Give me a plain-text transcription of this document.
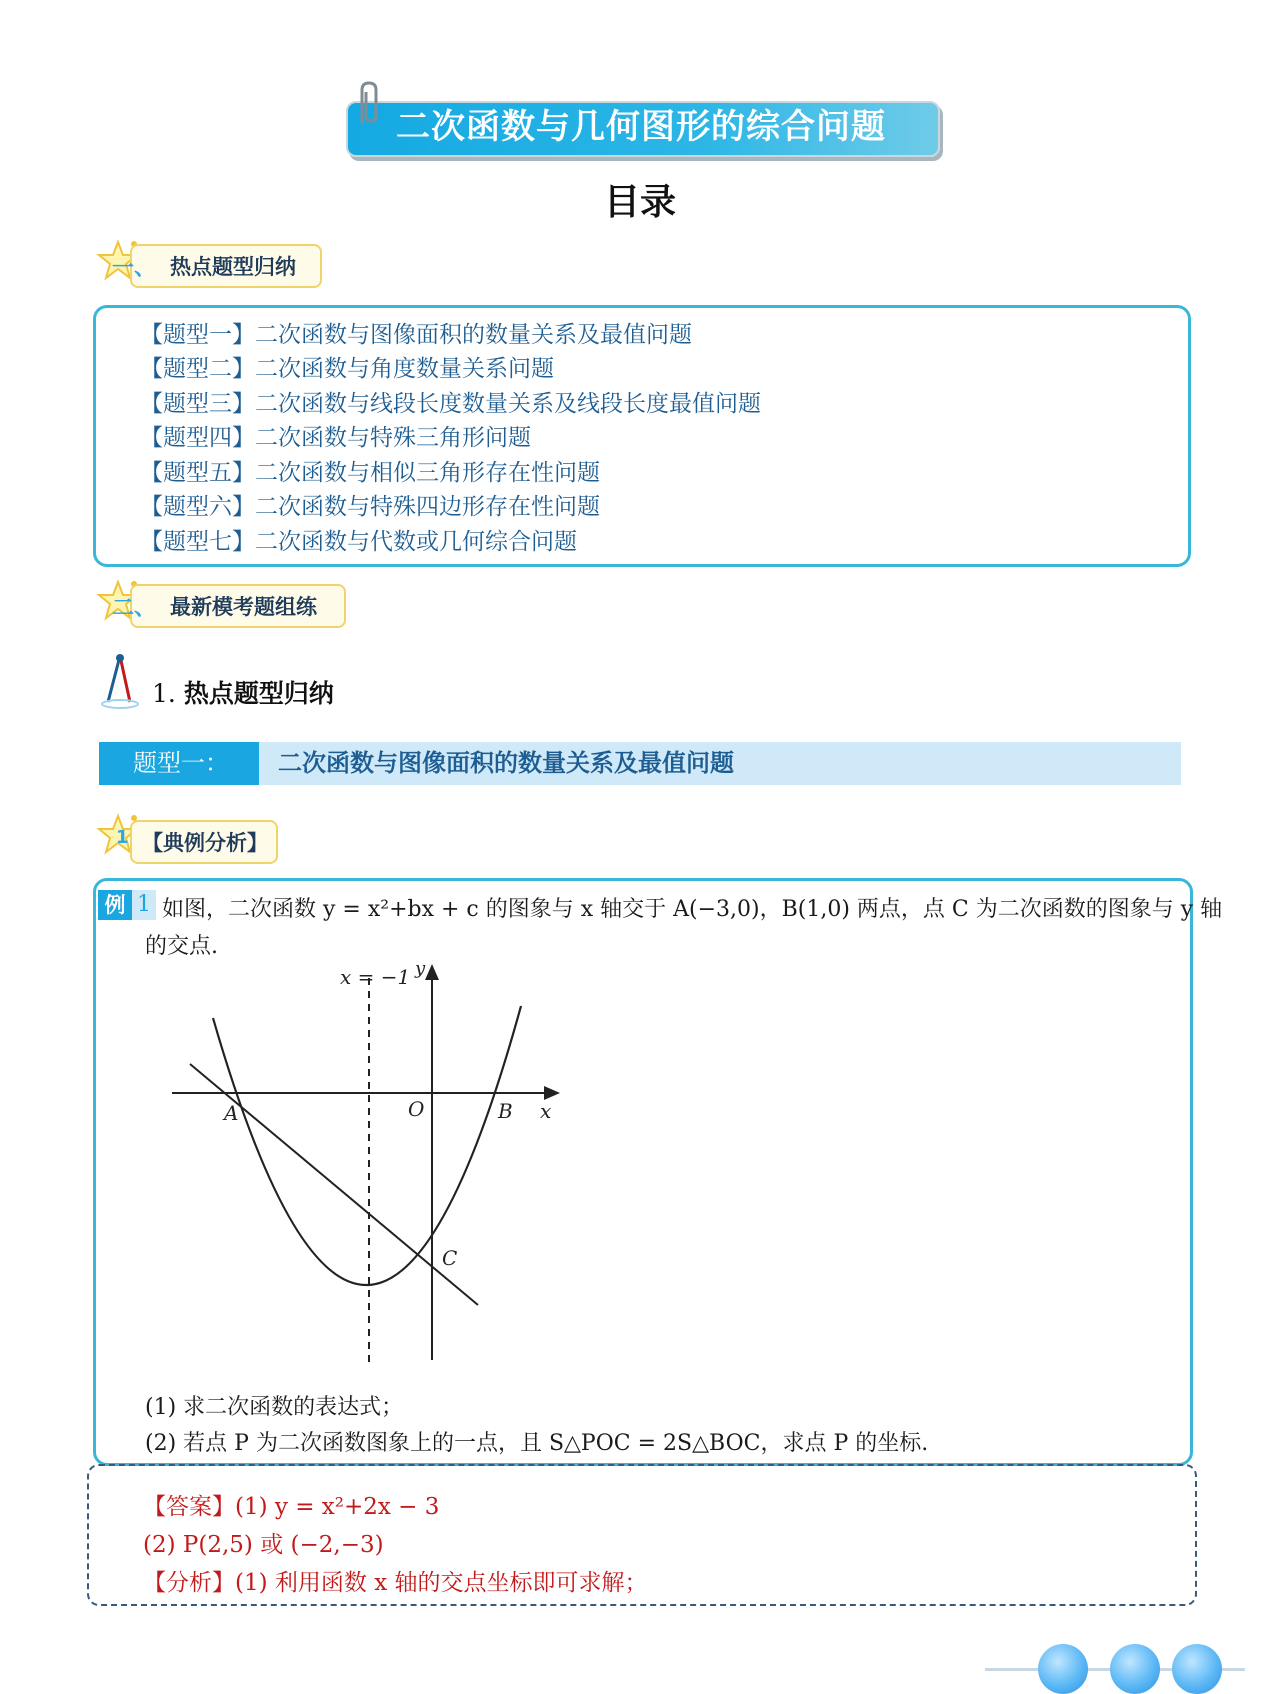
二次函数与几何图形的综合问题
目录
一、 热点题型归纳
【题型一】二次函数与图像面积的数量关系及最值问题
【题型二】二次函数与角度数量关系问题
【题型三】二次函数与线段长度数量关系及线段长度最值问题
【题型四】二次函数与特殊三角形问题
【题型五】二次函数与相似三角形存在性问题
【题型六】二次函数与特殊四边形存在性问题
【题型七】二次函数与代数或几何综合问题
二、 最新模考题组练
1. 热点题型归纳
题型一：	二次函数与图像面积的数量关系及最值问题
1 【典例分析】
例 1 如图，二次函数 y = x²+bx + c 的图象与 x 轴交于 A(−3,0)，B(1,0) 两点，点 C 为二次函数的图象与 y 轴
的交点.
x = −1 y
x
A	O	B
C
(1) 求二次函数的表达式；
(2) 若点 P 为二次函数图象上的一点，且 S△POC = 2S△BOC，求点 P 的坐标.
【答案】(1) y = x²+2x − 3
(2) P(2,5) 或 (−2,−3)
【分析】(1) 利用函数 x 轴的交点坐标即可求解；
